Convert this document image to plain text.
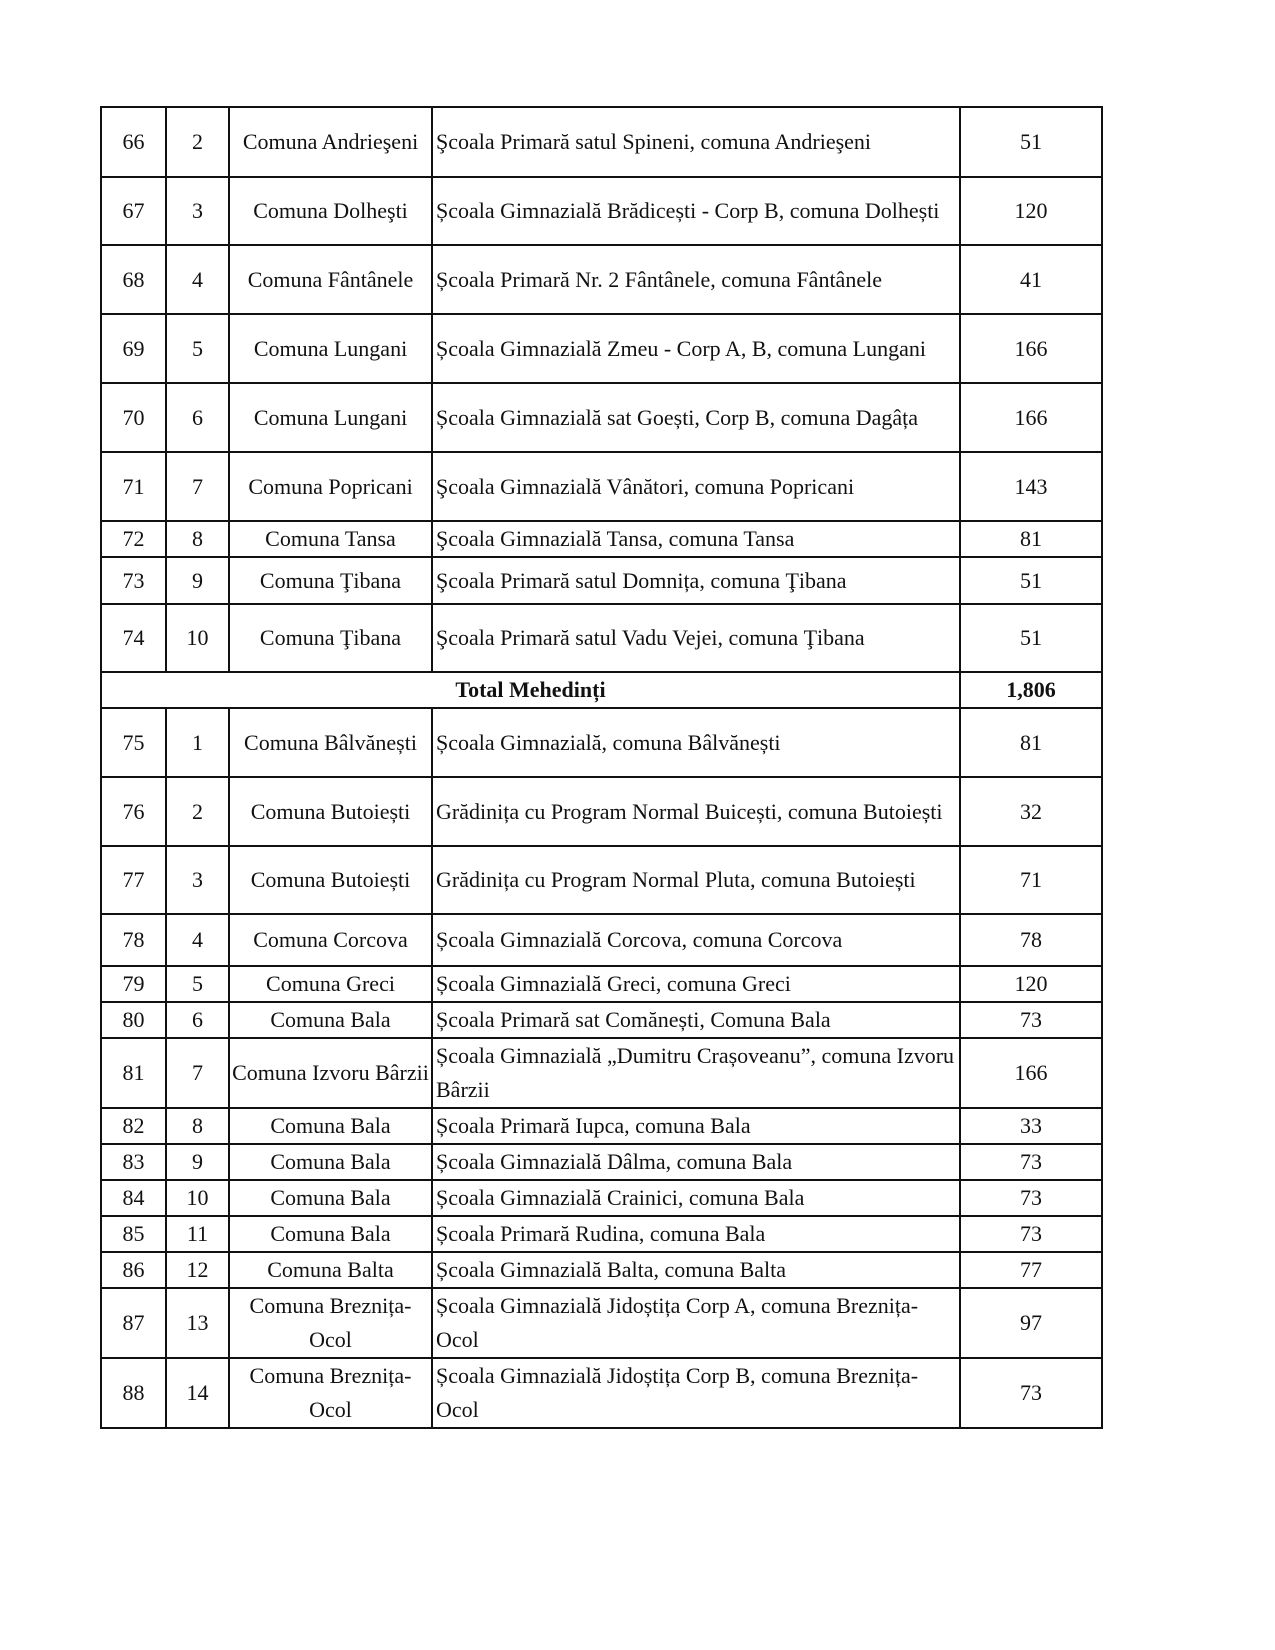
66	2	Comuna Andrieşeni	Şcoala Primară satul Spineni, comuna Andrieşeni	51
67	3	Comuna Dolheşti	Școala Gimnazială Brădicești - Corp B, comuna Dolhești	120
68	4	Comuna Fântânele	Școala Primară Nr. 2 Fântânele, comuna Fântânele	41
69	5	Comuna Lungani	Școala Gimnazială Zmeu - Corp A, B, comuna Lungani	166
70	6	Comuna Lungani	Școala Gimnazială sat Goești, Corp B, comuna Dagâța	166
71	7	Comuna Popricani	Şcoala Gimnazială Vânători, comuna Popricani	143
72	8	Comuna Tansa	Şcoala Gimnazială Tansa, comuna Tansa	81
73	9	Comuna Ţibana	Şcoala Primară satul Domnița, comuna Ţibana	51
74	10	Comuna Ţibana	Şcoala Primară satul Vadu Vejei, comuna Ţibana	51
Total Mehedinți				1,806
75	1	Comuna Bâlvănești	Școala Gimnazială, comuna Bâlvănești	81
76	2	Comuna Butoiești	Grădinița cu Program Normal Buicești, comuna Butoiești	32
77	3	Comuna Butoiești	Grădinița cu Program Normal Pluta, comuna Butoiești	71
78	4	Comuna Corcova	Școala Gimnazială Corcova, comuna Corcova	78
79	5	Comuna Greci	Școala Gimnazială Greci, comuna Greci	120
80	6	Comuna Bala	Școala Primară sat Comănești, Comuna Bala	73
81	7	Comuna Izvoru Bârzii	Școala Gimnazială „Dumitru Crașoveanu”, comuna Izvoru Bârzii	166
82	8	Comuna Bala	Școala Primară Iupca, comuna Bala	33
83	9	Comuna Bala	Școala Gimnazială Dâlma, comuna Bala	73
84	10	Comuna Bala	Școala Gimnazială Crainici, comuna Bala	73
85	11	Comuna Bala	Școala Primară Rudina, comuna Bala	73
86	12	Comuna Balta	Școala Gimnazială Balta, comuna Balta	77
87	13	Comuna Breznița-Ocol	Școala Gimnazială Jidoștița Corp A, comuna Breznița-Ocol	97
88	14	Comuna Breznița-Ocol	Școala Gimnazială Jidoștița Corp B, comuna Breznița-Ocol	73
